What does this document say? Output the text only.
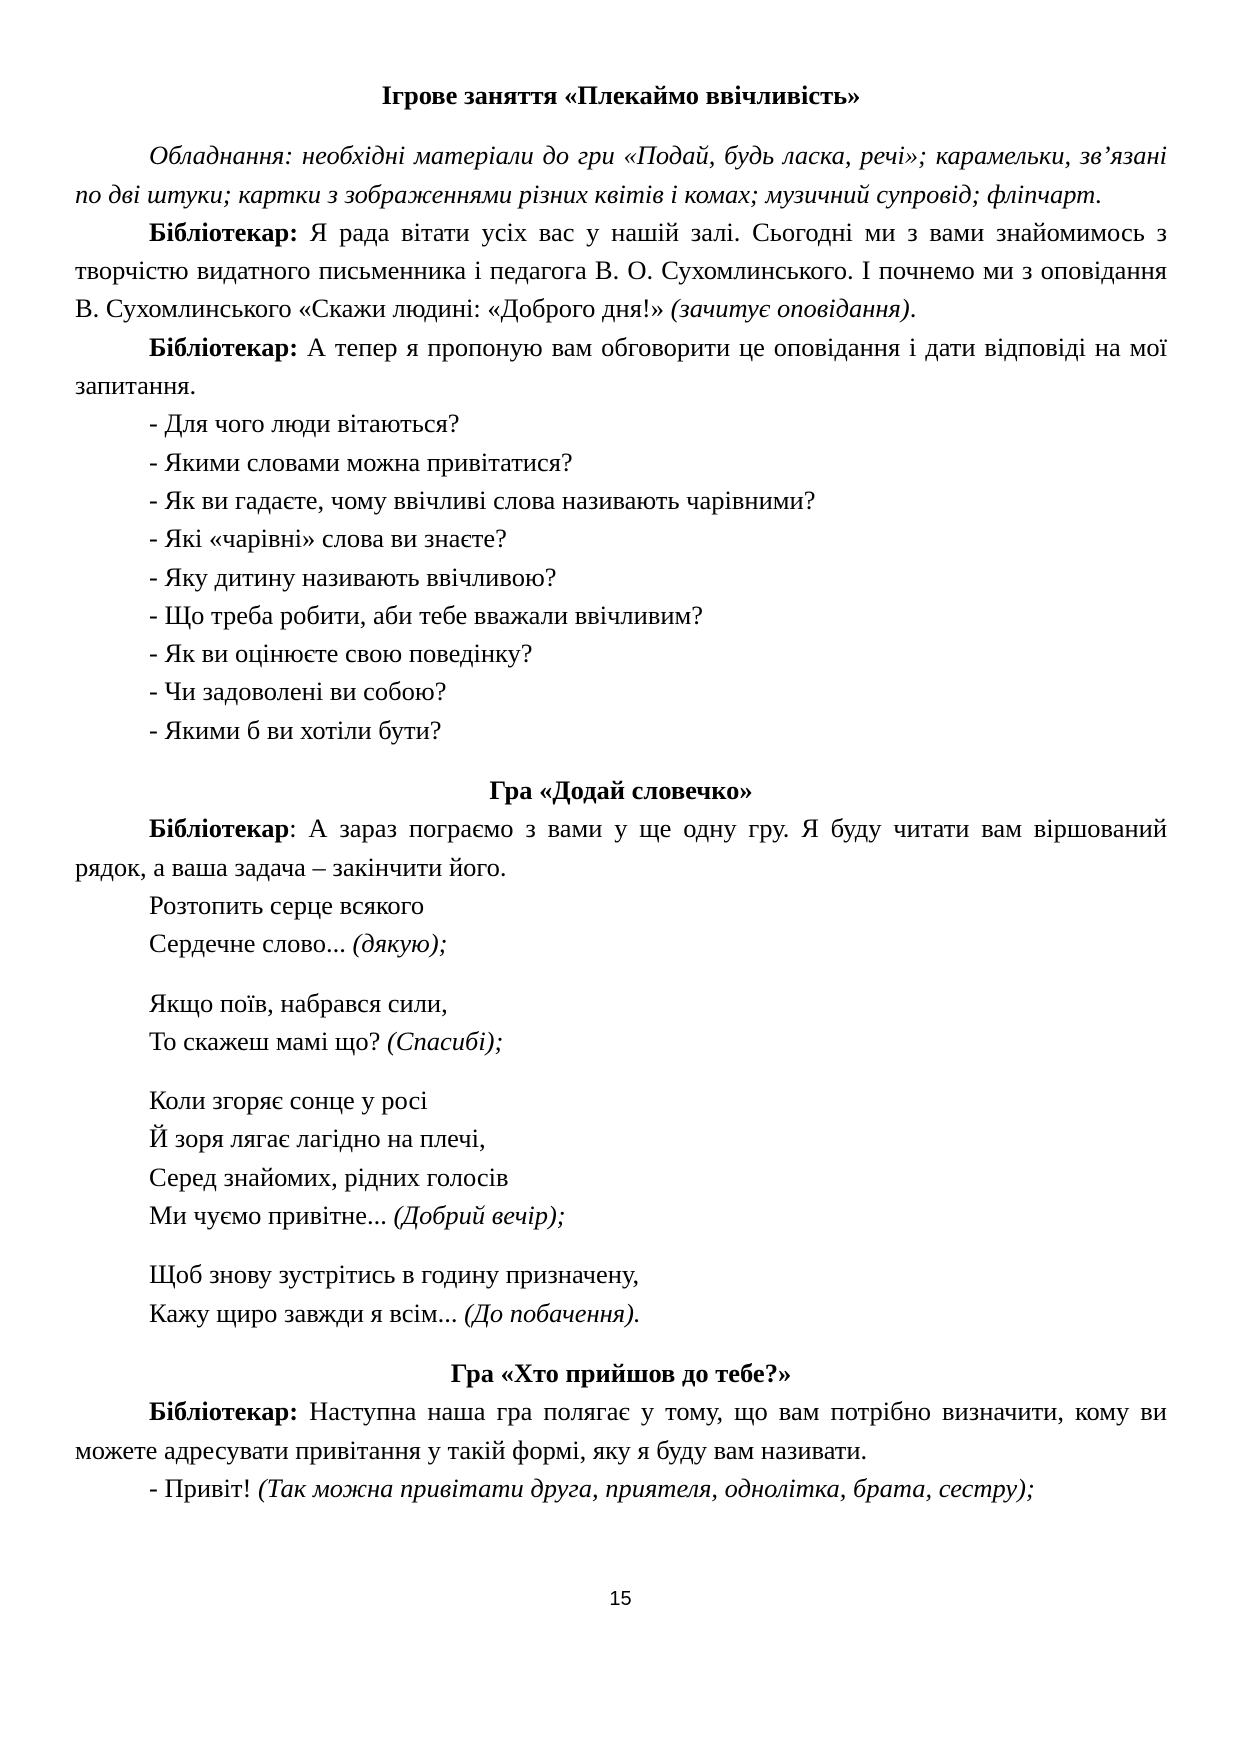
Ігрове заняття «Плекаймо ввічливість»

Обладнання: необхідні матеріали до гри «Подай, будь ласка, речі»; карамельки, зв’язані по дві штуки; картки з зображеннями різних квітів і комах; музичний супровід; фліпчарт.

Бібліотекар: Я рада вітати усіх вас у нашій залі. Сьогодні ми з вами знайомимось з творчістю видатного письменника і педагога В. О. Сухомлинського. І почнемо ми з оповідання В. Сухомлинського «Скажи людині: «Доброго дня!» (зачитує оповідання).

Бібліотекар: А тепер я пропоную вам обговорити це оповідання і дати відповіді на мої запитання.

- Для чого люди вітаються?
- Якими словами можна привітатися?
- Як ви гадаєте, чому ввічливі слова називають чарівними?
- Які «чарівні» слова ви знаєте?
- Яку дитину називають ввічливою?
- Що треба робити, аби тебе вважали ввічливим?
- Як ви оцінюєте свою поведінку?
- Чи задоволені ви собою?
- Якими б ви хотіли бути?

Гра «Додай словечко»

Бібліотекар: А зараз пограємо з вами у ще одну гру. Я буду читати вам віршований рядок, а ваша задача – закінчити його.

Розтопить серце всякого

Сердечне слово... (дякую);

Якщо поїв, набрався сили,

То скажеш мамі що? (Спасибі);

Коли згоряє сонце у росі

Й зоря лягає лагідно на плечі,

Серед знайомих, рідних голосів

Ми чуємо привітне... (Добрий вечір);

Щоб знову зустрітись в годину призначену,

Кажу щиро завжди я всім... (До побачення).

Гра «Хто прийшов до тебе?»

Бібліотекар: Наступна наша гра полягає у тому, що вам потрібно визначити, кому ви можете адресувати привітання у такій формі, яку я буду вам називати.

- Привіт! (Так можна привітати друга, приятеля, однолітка, брата, сестру);

15
